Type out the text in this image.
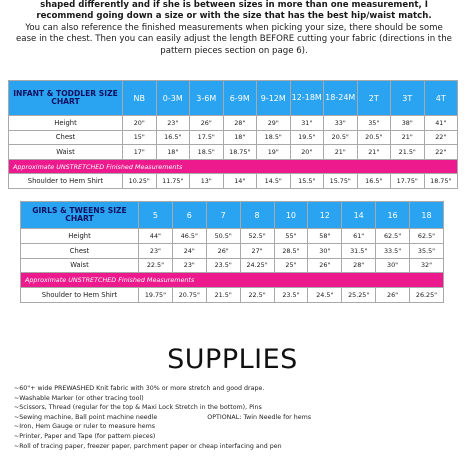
shaped differently and if she is between sizes in more than one measurement, I recommend going down a size or with the size that has the best hip/waist match.
You can also reference the finished measurements when picking your size, there should be some ease in the chest. Then you can easily adjust the length BEFORE cutting your fabric (directions in the pattern pieces section on page 6).
INFANT & TODDLER SIZE CHART	NB	0-3M	3-6M	6-9M	9-12M	12-18M	18-24M	2T	3T	4T
Height	20"	23"	26"	28"	29"	31"	33"	35"	38"	41"
Chest	15"	16.5"	17.5"	18"	18.5"	19.5"	20.5"	20.5"	21"	22"
Waist	17"	18"	18.5"	18.75"	19"	20"	21"	21"	21.5"	22"
Approximate UNSTRETCHED Finished Measurements										
Shoulder to Hem Shirt	10.25"	11.75"	13"	14"	14.5"	15.5"	15.75"	16.5"	17.75"	18.75"
GIRLS & TWEENS SIZE CHART	5	6	7	8	10	12	14	16	18
Height	44"	46.5"	50.5"	52.5"	55"	58"	61"	62.5"	62.5"
Chest	23"	24"	26"	27"	28.5"	30"	31.5"	33.5"	35.5"
Waist	22.5"	23"	23.5"	24.25"	25"	26"	28"	30"	32"
Approximate UNSTRETCHED Finished Measurements									
Shoulder to Hem Shirt	19.75"	20.75"	21.5"	22.5"	23.5"	24.5"	25.25"	26"	26.25"
SUPPLIES
~60"+ wide PREWASHED Knit fabric with 30% or more stretch and good drape.
~Washable Marker (or other tracing tool)
~Scissors, Thread (regular for the top & Maxi Lock Stretch in the bottom), Pins
~Sewing machine, Ball point machine needle	OPTIONAL: Twin Needle for hems
~Iron, Hem Gauge or ruler to measure hems
~Printer, Paper and Tape (for pattern pieces)
~Roll of tracing paper, freezer paper, parchment paper or cheap interfacing and pen
